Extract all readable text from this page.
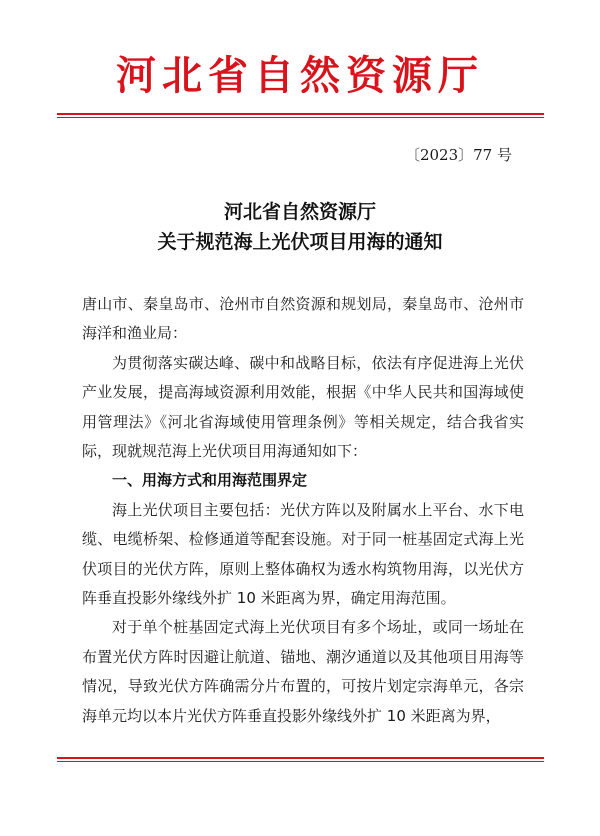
河北省自然资源厅
〔2023〕77 号
河北省自然资源厅
关于规范海上光伏项目用海的通知

唐山市、秦皇岛市、沧州市自然资源和规划局，秦皇岛市、沧州市海洋和渔业局：

为贯彻落实碳达峰、碳中和战略目标，依法有序促进海上光伏产业发展，提高海域资源利用效能，根据《中华人民共和国海域使用管理法》《河北省海域使用管理条例》等相关规定，结合我省实际，现就规范海上光伏项目用海通知如下：

一、用海方式和用海范围界定

海上光伏项目主要包括：光伏方阵以及附属水上平台、水下电缆、电缆桥架、检修通道等配套设施。对于同一桩基固定式海上光伏项目的光伏方阵，原则上整体确权为透水构筑物用海，以光伏方阵垂直投影外缘线外扩 10 米距离为界，确定用海范围。

对于单个桩基固定式海上光伏项目有多个场址，或同一场址在布置光伏方阵时因避让航道、锚地、潮汐通道以及其他项目用海等情况，导致光伏方阵确需分片布置的，可按片划定宗海单元，各宗海单元均以本片光伏方阵垂直投影外缘线外扩 10 米距离为界，
